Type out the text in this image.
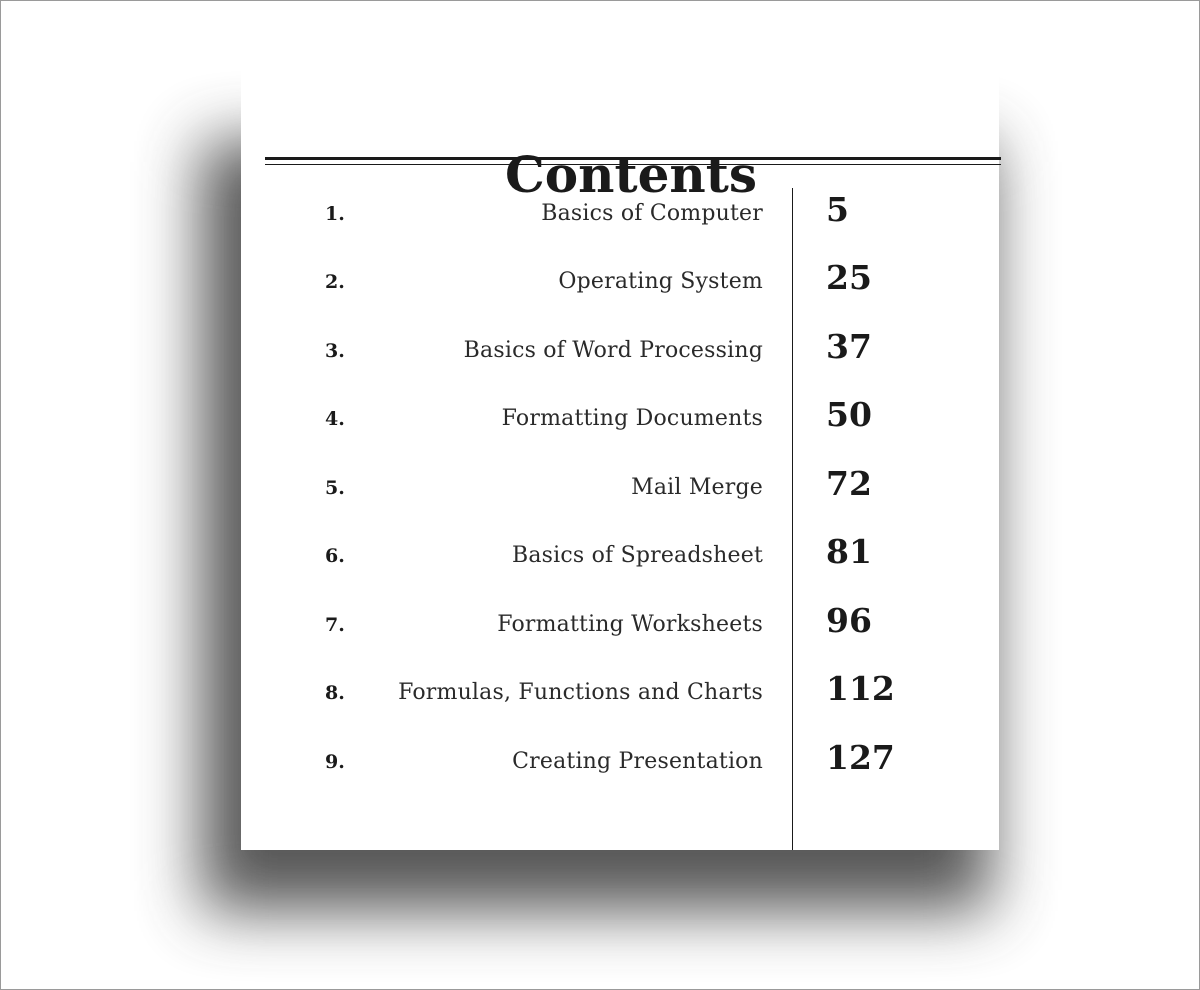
Contents
1.	Basics of Computer 5
2.	Operating System 25
3.	Basics of Word Processing 37
4.	Formatting Documents 50
5.	Mail Merge 72
6.	Basics of Spreadsheet 81
7.	Formatting Worksheets 96
8. Formulas, Functions and Charts 112
9.	Creating Presentation 127
